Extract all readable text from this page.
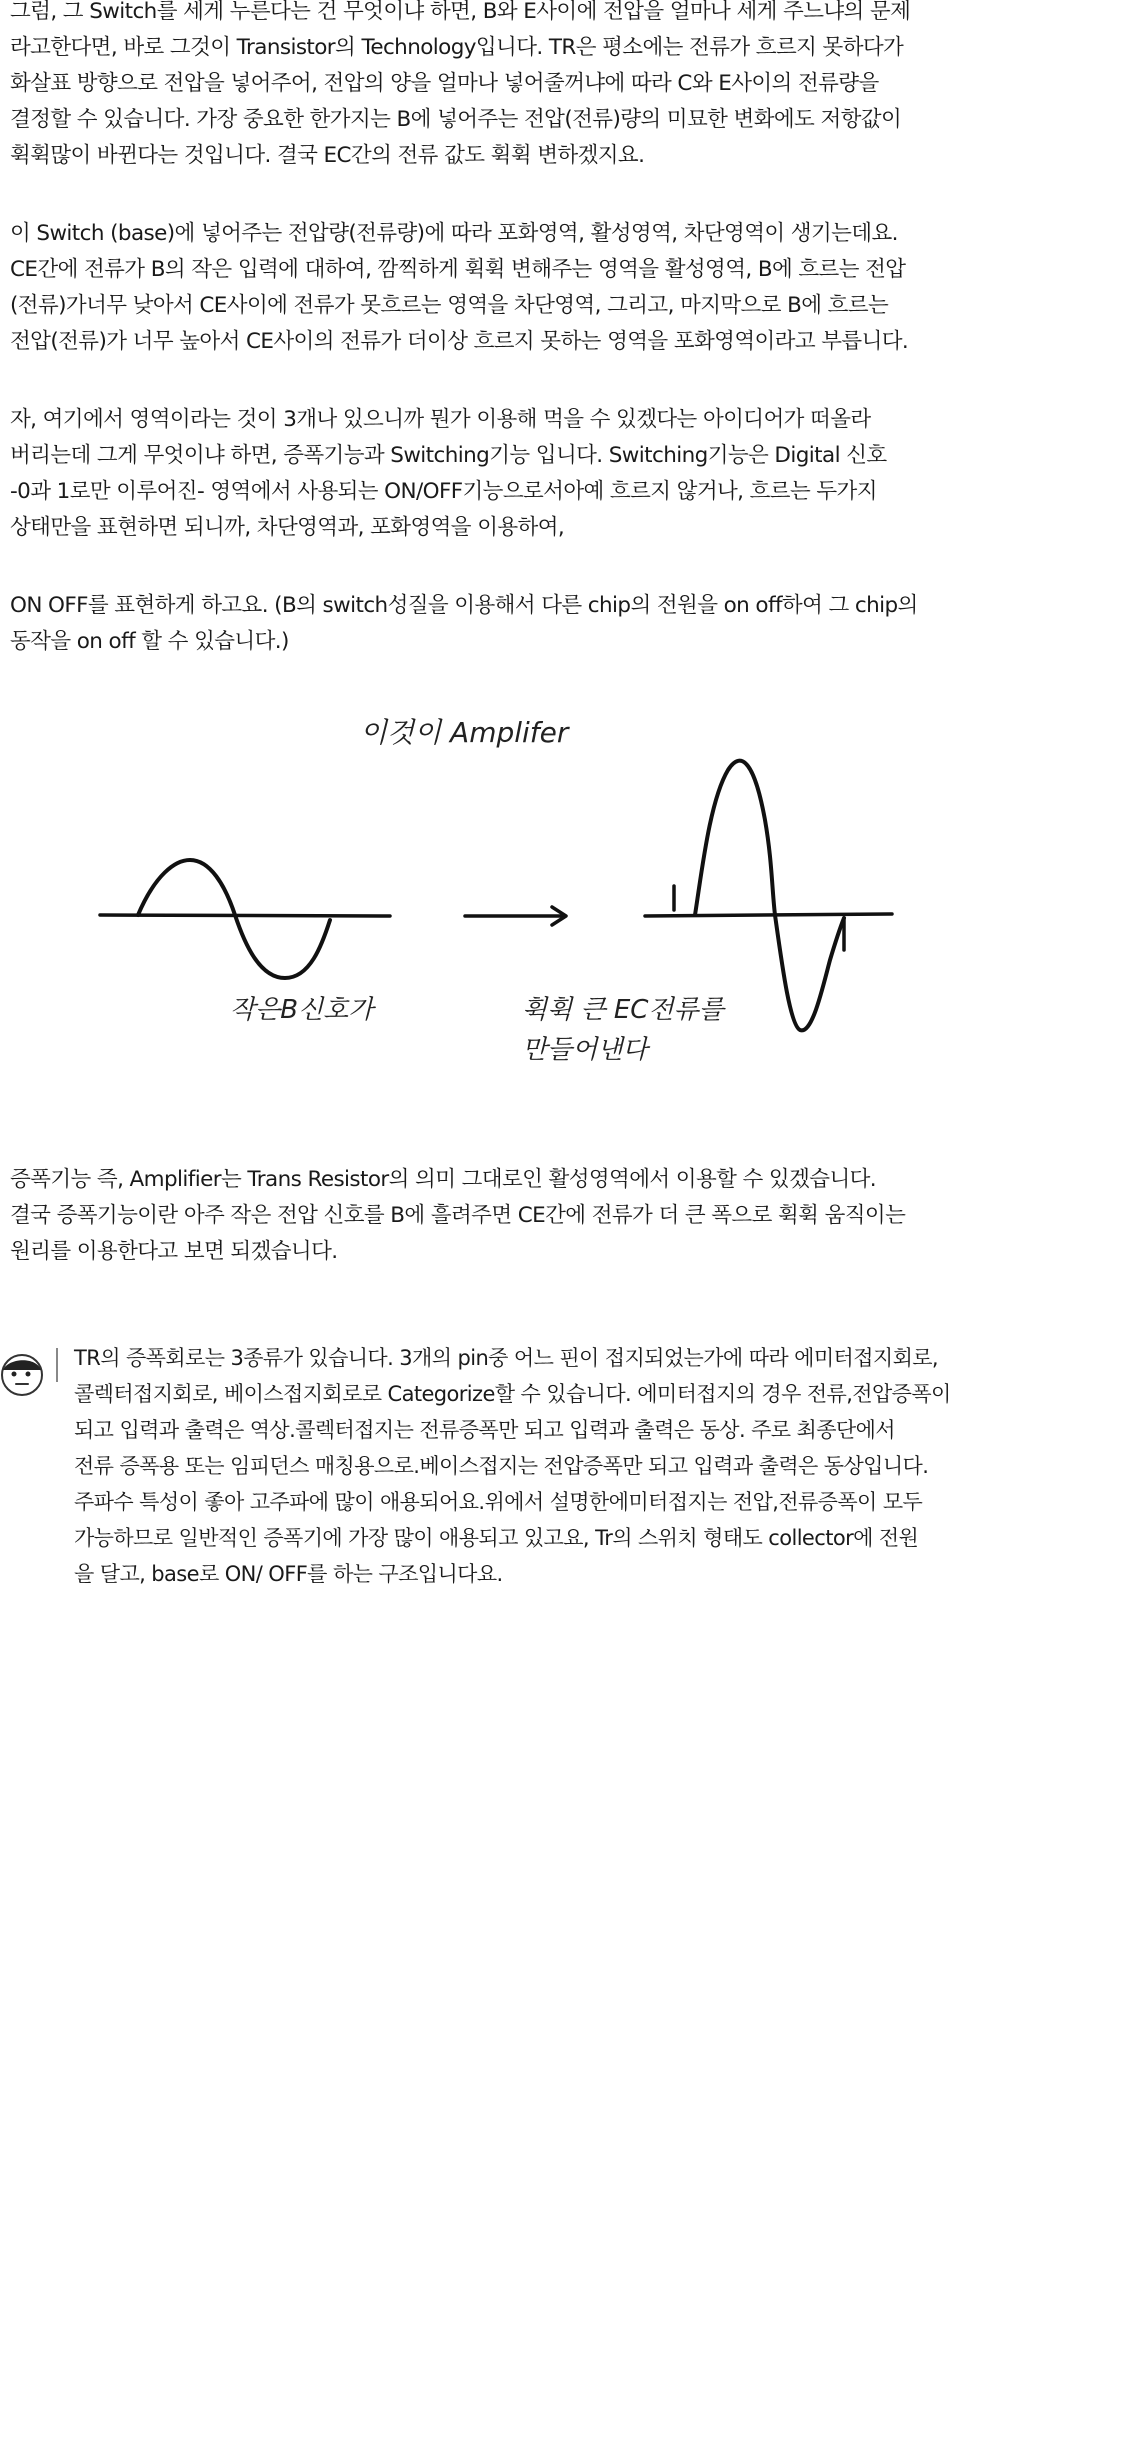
그럼, 그 Switch를 세게 누른다는 건 무엇이냐 하면, B와 E사이에 전압을 얼마나 세게 주느냐의 문제
라고한다면, 바로 그것이 Transistor의 Technology입니다. TR은 평소에는 전류가 흐르지 못하다가
화살표 방향으로 전압을 넣어주어, 전압의 양을 얼마나 넣어줄꺼냐에 따라 C와 E사이의 전류량을
결정할 수 있습니다. 가장 중요한 한가지는 B에 넣어주는 전압(전류)량의 미묘한 변화에도 저항값이
휙휙많이 바뀐다는 것입니다. 결국 EC간의 전류 값도 휙휙 변하겠지요.

이 Switch (base)에 넣어주는 전압량(전류량)에 따라 포화영역, 활성영역, 차단영역이 생기는데요.
CE간에 전류가 B의 작은 입력에 대하여, 깜찍하게 휙휙 변해주는 영역을 활성영역, B에 흐르는 전압
(전류)가너무 낮아서 CE사이에 전류가 못흐르는 영역을 차단영역, 그리고, 마지막으로 B에 흐르는
전압(전류)가 너무 높아서 CE사이의 전류가 더이상 흐르지 못하는 영역을 포화영역이라고 부릅니다.

자, 여기에서 영역이라는 것이 3개나 있으니까 뭔가 이용해 먹을 수 있겠다는 아이디어가 떠올라
버리는데 그게 무엇이냐 하면, 증폭기능과 Switching기능 입니다. Switching기능은 Digital 신호
-0과 1로만 이루어진- 영역에서 사용되는 ON/OFF기능으로서아예 흐르지 않거나, 흐르는 두가지
상태만을 표현하면 되니까, 차단영역과, 포화영역을 이용하여,

ON OFF를 표현하게 하고요. (B의 switch성질을 이용해서 다른 chip의 전원을 on off하여 그 chip의
동작을 on off 할 수 있습니다.)

이것이 Amplifer
작은B신호가	휙휙 큰 EC전류를
만들어낸다

증폭기능 즉, Amplifier는 Trans Resistor의 의미 그대로인 활성영역에서 이용할 수 있겠습니다.
결국 증폭기능이란 아주 작은 전압 신호를 B에 흘려주면 CE간에 전류가 더 큰 폭으로 휙휙 움직이는
원리를 이용한다고 보면 되겠습니다.

TR의 증폭회로는 3종류가 있습니다. 3개의 pin중 어느 핀이 접지되었는가에 따라 에미터접지회로,
콜렉터접지회로, 베이스접지회로로 Categorize할 수 있습니다. 에미터접지의 경우 전류,전압증폭이
되고 입력과 출력은 역상.콜렉터접지는 전류증폭만 되고 입력과 출력은 동상. 주로 최종단에서
전류 증폭용 또는 임피던스 매칭용으로.베이스접지는 전압증폭만 되고 입력과 출력은 동상입니다.
주파수 특성이 좋아 고주파에 많이 애용되어요.위에서 설명한에미터접지는 전압,전류증폭이 모두
가능하므로 일반적인 증폭기에 가장 많이 애용되고 있고요, Tr의 스위치 형태도 collector에 전원
을 달고, base로 ON/ OFF를 하는 구조입니다요.
